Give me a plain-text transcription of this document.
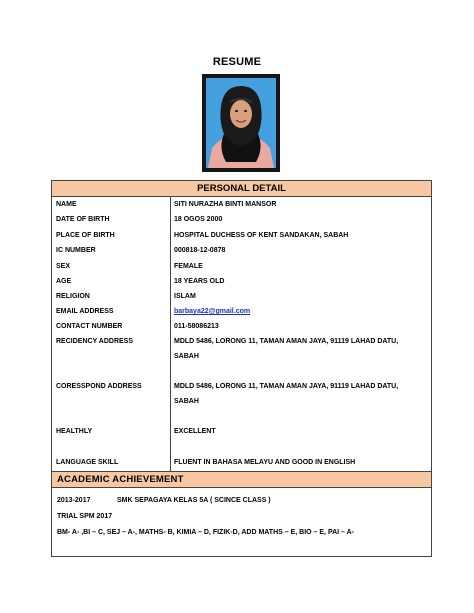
RESUME
PERSONAL DETAIL
NAME	SITI NURAZHA BINTI MANSOR
DATE OF BIRTH	18 OGOS 2000
PLACE OF BIRTH	HOSPITAL DUCHESS OF KENT SANDAKAN, SABAH
IC NUMBER	000818-12-0878
SEX	FEMALE
AGE	18 YEARS OLD
RELIGION	ISLAM
EMAIL ADDRESS	barbaya22@gmail.com
CONTACT NUMBER	011-58086213
RECIDENCY ADDRESS	MDLD 5486, LORONG 11, TAMAN AMAN JAYA, 91119 LAHAD DATU,
SABAH
CORESSPOND ADDRESS	MDLD 5486, LORONG 11, TAMAN AMAN JAYA, 91119 LAHAD DATU,
SABAH
HEALTHLY	EXCELLENT
LANGUAGE SKILL	FLUENT IN BAHASA MELAYU AND GOOD IN ENGLISH
ACADEMIC ACHIEVEMENT
2013-2017	SMK SEPAGAYA KELAS 5A ( SCINCE CLASS )
TRIAL SPM 2017
BM- A- ,BI – C, SEJ – A-, MATHS- B, KIMIA – D, FIZIK-D, ADD MATHS – E, BIO – E, PAI – A-
